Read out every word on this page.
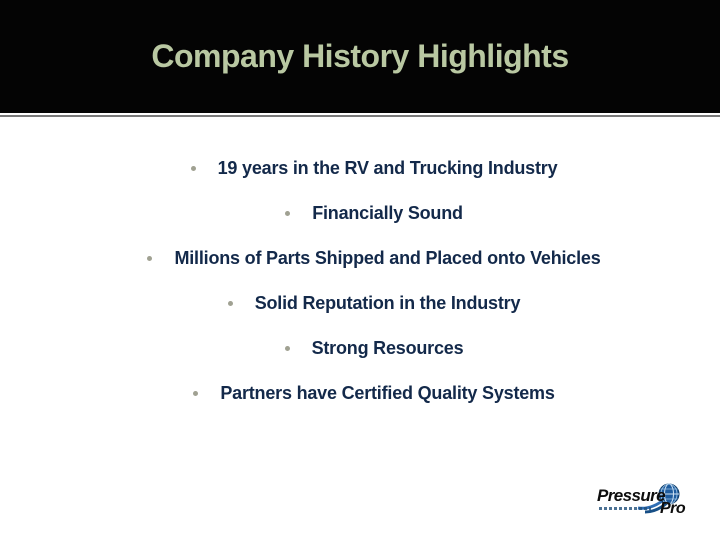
Company History Highlights
19 years in the RV and Trucking Industry
Financially Sound
Millions of Parts Shipped and Placed onto Vehicles
Solid Reputation in the Industry
Strong Resources
Partners have Certified Quality Systems
Pressure
Pro
